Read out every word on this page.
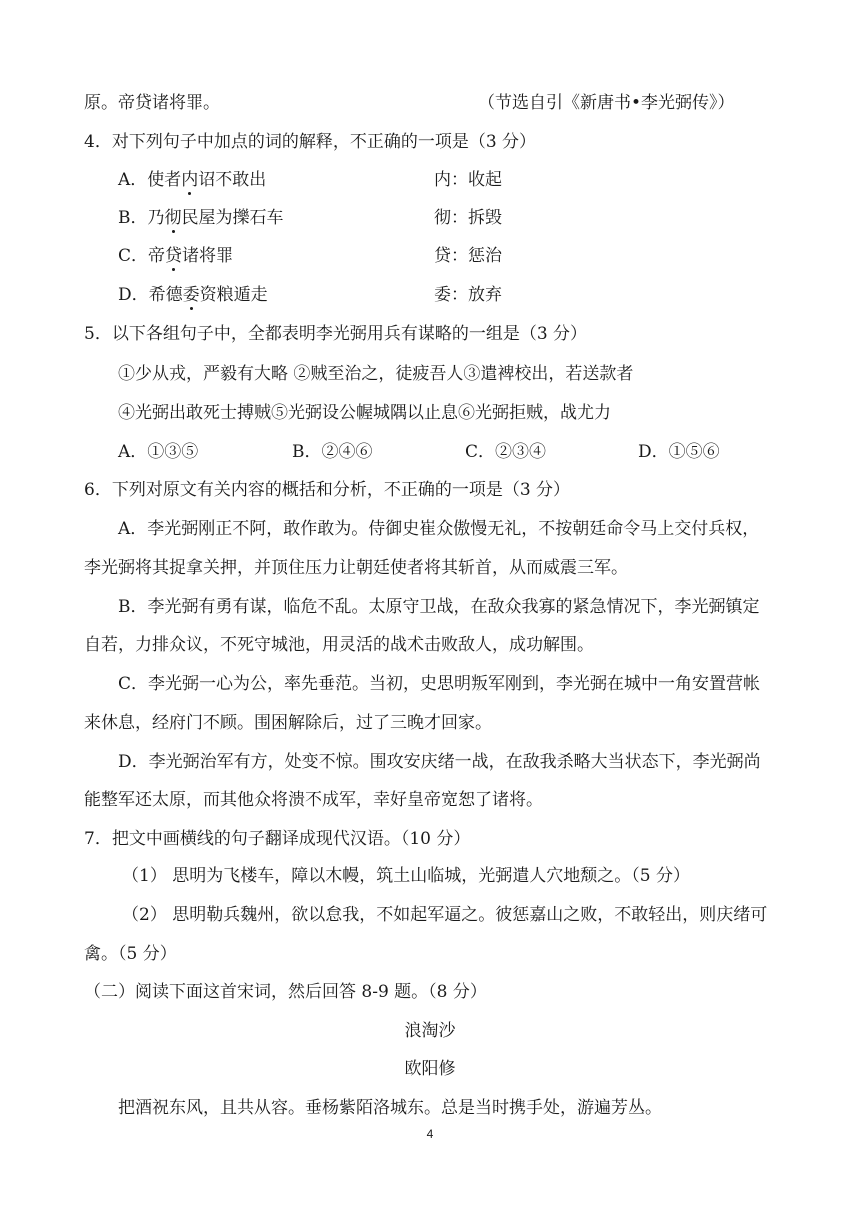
原。帝贷诸将罪。	（节选自引《新唐书•李光弼传》）
4．对下列句子中加点的词的解释，不正确的一项是（3 分）
A．使者内诏不敢出	内：收起
B．乃彻民屋为擽石车	彻：拆毁
C．帝贷诸将罪	贷：惩治
D．希德委资粮遁走	委：放弃
5．以下各组句子中，全都表明李光弼用兵有谋略的一组是（3 分）
①少从戎，严毅有大略 ②贼至治之，徒疲吾人③遣裨校出，若送款者
④光弼出敢死士搏贼⑤光弼设公幄城隅以止息⑥光弼拒贼，战尤力
A．①③⑤	B．②④⑥	C．②③④	D．①⑤⑥
6．下列对原文有关内容的概括和分析，不正确的一项是（3 分）
A．李光弼刚正不阿，敢作敢为。侍御史崔众傲慢无礼，不按朝廷命令马上交付兵权，
李光弼将其捉拿关押，并顶住压力让朝廷使者将其斩首，从而威震三军。
B．李光弼有勇有谋，临危不乱。太原守卫战，在敌众我寡的紧急情况下，李光弼镇定
自若，力排众议，不死守城池，用灵活的战术击败敌人，成功解围。
C．李光弼一心为公，率先垂范。当初，史思明叛军刚到，李光弼在城中一角安置营帐
来休息，经府门不顾。围困解除后，过了三晚才回家。
D．李光弼治军有方，处变不惊。围攻安庆绪一战，在敌我杀略大当状态下，李光弼尚
能整军还太原，而其他众将溃不成军，幸好皇帝宽恕了诸将。
7．把文中画横线的句子翻译成现代汉语。（10 分）
（1） 思明为飞楼车，障以木幔，筑土山临城，光弼遣人穴地颓之。（5 分）
（2） 思明勒兵魏州，欲以怠我，不如起军逼之。彼惩嘉山之败，不敢轻出，则庆绪可
禽。（5 分）
（二）阅读下面这首宋词，然后回答 8-9 题。（8 分）
浪淘沙
欧阳修
把酒祝东风，且共从容。垂杨紫陌洛城东。总是当时携手处，游遍芳丛。
4
